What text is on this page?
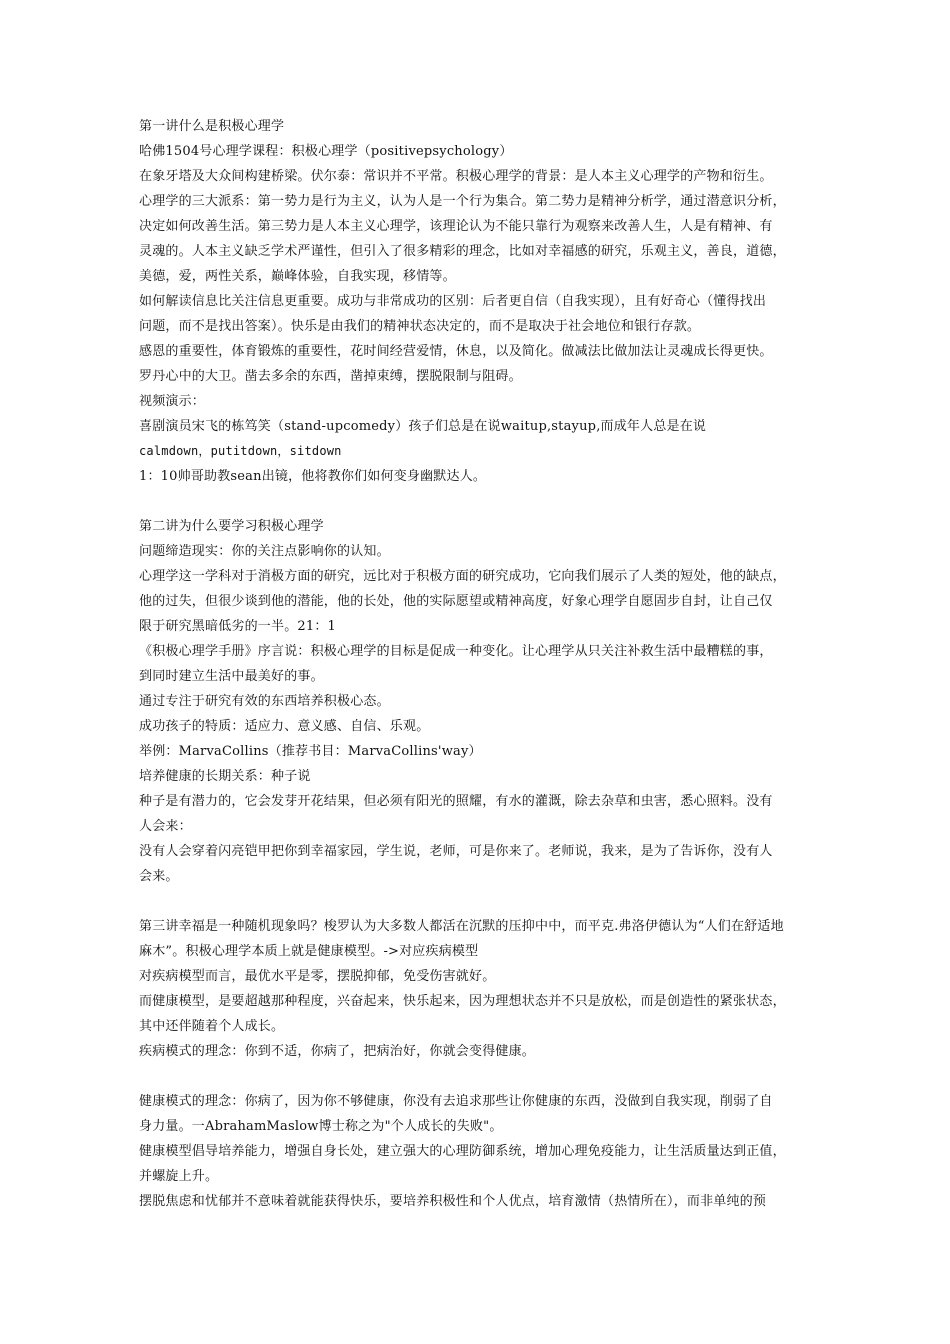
第一讲什么是积极心理学
哈佛1504号心理学课程：积极心理学（positivepsychology）
在象牙塔及大众间构建桥梁。伏尔泰：常识并不平常。积极心理学的背景：是人本主义心理学的产物和衍生。
心理学的三大派系：第一势力是行为主义，认为人是一个行为集合。第二势力是精神分析学，通过潜意识分析，
决定如何改善生活。第三势力是人本主义心理学，该理论认为不能只靠行为观察来改善人生，人是有精神、有
灵魂的。人本主义缺乏学术严谨性，但引入了很多精彩的理念，比如对幸福感的研究，乐观主义，善良，道德，
美德，爱，两性关系，巅峰体验，自我实现，移情等。
如何解读信息比关注信息更重要。成功与非常成功的区别：后者更自信（自我实现），且有好奇心（懂得找出
问题，而不是找出答案）。快乐是由我们的精神状态决定的，而不是取决于社会地位和银行存款。
感恩的重要性，体育锻炼的重要性，花时间经营爱情，休息，以及简化。做减法比做加法让灵魂成长得更快。
罗丹心中的大卫。凿去多余的东西，凿掉束缚，摆脱限制与阻碍。
视频演示：
喜剧演员宋飞的栋笃笑（stand-upcomedy）孩子们总是在说waitup,stayup,而成年人总是在说
calmdown，putitdown，sitdown
1：10帅哥助教sean出镜，他将教你们如何变身幽默达人。
第二讲为什么要学习积极心理学
问题缔造现实：你的关注点影响你的认知。
心理学这一学科对于消极方面的研究，远比对于积极方面的研究成功，它向我们展示了人类的短处，他的缺点，
他的过失，但很少谈到他的潜能，他的长处，他的实际愿望或精神高度，好象心理学自愿固步自封，让自己仅
限于研究黑暗低劣的一半。21：1
《积极心理学手册》序言说：积极心理学的目标是促成一种变化。让心理学从只关注补救生活中最糟糕的事，
到同时建立生活中最美好的事。
通过专注于研究有效的东西培养积极心态。
成功孩子的特质：适应力、意义感、自信、乐观。
举例：MarvaCollins（推荐书目：MarvaCollins'way）
培养健康的长期关系：种子说
种子是有潜力的，它会发芽开花结果，但必须有阳光的照耀，有水的灌溉，除去杂草和虫害，悉心照料。没有
人会来：
没有人会穿着闪亮铠甲把你到幸福家园，学生说，老师，可是你来了。老师说，我来，是为了告诉你，没有人
会来。
第三讲幸福是一种随机现象吗？梭罗认为大多数人都活在沉默的压抑中中，而平克.弗洛伊德认为“人们在舒适地
麻木”。积极心理学本质上就是健康模型。->对应疾病模型
对疾病模型而言，最优水平是零，摆脱抑郁，免受伤害就好。
而健康模型，是要超越那种程度，兴奋起来，快乐起来，因为理想状态并不只是放松，而是创造性的紧张状态，
其中还伴随着个人成长。
疾病模式的理念：你到不适，你病了，把病治好，你就会变得健康。
健康模式的理念：你病了，因为你不够健康，你没有去追求那些让你健康的东西，没做到自我实现，削弱了自
身力量。一AbrahamMaslow博士称之为"个人成长的失败"。
健康模型倡导培养能力，增强自身长处，建立强大的心理防御系统，增加心理免疫能力，让生活质量达到正值，
并螺旋上升。
摆脱焦虑和忧郁并不意味着就能获得快乐，要培养积极性和个人优点，培育激情（热情所在），而非单纯的预
